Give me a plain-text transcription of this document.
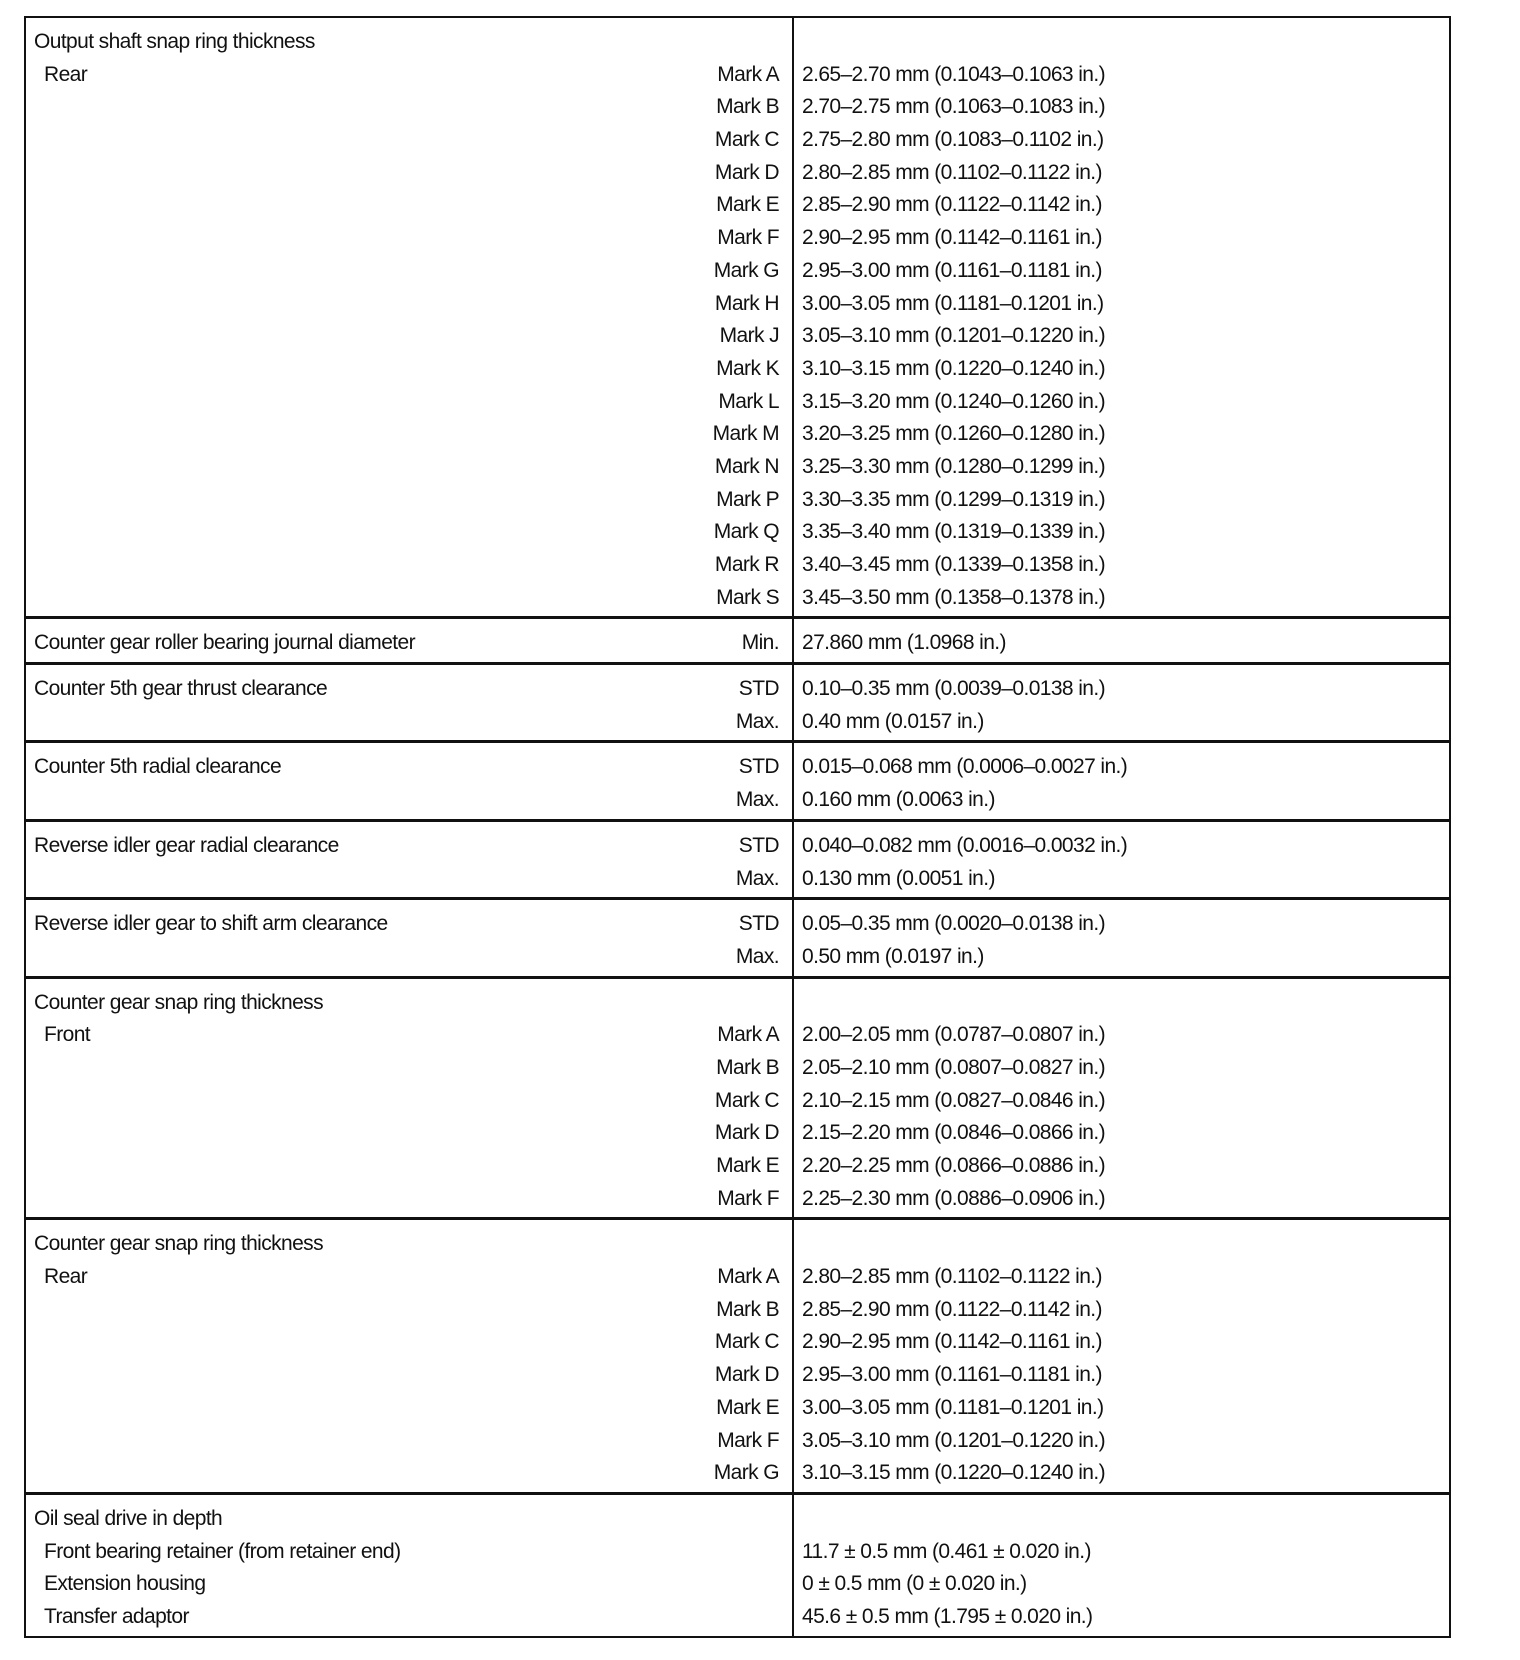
Output shaft snap ring thickness
Rear	Mark A 2.65–2.70 mm (0.1043–0.1063 in.)
Mark B 2.70–2.75 mm (0.1063–0.1083 in.)
Mark C 2.75–2.80 mm (0.1083–0.1102 in.)
Mark D 2.80–2.85 mm (0.1102–0.1122 in.)
Mark E 2.85–2.90 mm (0.1122–0.1142 in.)
Mark F 2.90–2.95 mm (0.1142–0.1161 in.)
Mark G 2.95–3.00 mm (0.1161–0.1181 in.)
Mark H 3.00–3.05 mm (0.1181–0.1201 in.)
Mark J 3.05–3.10 mm (0.1201–0.1220 in.)
Mark K 3.10–3.15 mm (0.1220–0.1240 in.)
Mark L 3.15–3.20 mm (0.1240–0.1260 in.)
Mark M 3.20–3.25 mm (0.1260–0.1280 in.)
Mark N 3.25–3.30 mm (0.1280–0.1299 in.)
Mark P 3.30–3.35 mm (0.1299–0.1319 in.)
Mark Q 3.35–3.40 mm (0.1319–0.1339 in.)
Mark R 3.40–3.45 mm (0.1339–0.1358 in.)
Mark S 3.45–3.50 mm (0.1358–0.1378 in.)
Counter gear roller bearing journal diameter	Min. 27.860 mm (1.0968 in.)
Counter 5th gear thrust clearance	STD 0.10–0.35 mm (0.0039–0.0138 in.)
Max. 0.40 mm (0.0157 in.)
Counter 5th radial clearance	STD 0.015–0.068 mm (0.0006–0.0027 in.)
Max. 0.160 mm (0.0063 in.)
Reverse idler gear radial clearance	STD 0.040–0.082 mm (0.0016–0.0032 in.)
Max. 0.130 mm (0.0051 in.)
Reverse idler gear to shift arm clearance	STD 0.05–0.35 mm (0.0020–0.0138 in.)
Max. 0.50 mm (0.0197 in.)
Counter gear snap ring thickness
Front	Mark A 2.00–2.05 mm (0.0787–0.0807 in.)
Mark B 2.05–2.10 mm (0.0807–0.0827 in.)
Mark C 2.10–2.15 mm (0.0827–0.0846 in.)
Mark D 2.15–2.20 mm (0.0846–0.0866 in.)
Mark E 2.20–2.25 mm (0.0866–0.0886 in.)
Mark F 2.25–2.30 mm (0.0886–0.0906 in.)
Counter gear snap ring thickness
Rear	Mark A 2.80–2.85 mm (0.1102–0.1122 in.)
Mark B 2.85–2.90 mm (0.1122–0.1142 in.)
Mark C 2.90–2.95 mm (0.1142–0.1161 in.)
Mark D 2.95–3.00 mm (0.1161–0.1181 in.)
Mark E 3.00–3.05 mm (0.1181–0.1201 in.)
Mark F 3.05–3.10 mm (0.1201–0.1220 in.)
Mark G 3.10–3.15 mm (0.1220–0.1240 in.)
Oil seal drive in depth
Front bearing retainer (from retainer end)	11.7 ± 0.5 mm (0.461 ± 0.020 in.)
Extension housing	0 ± 0.5 mm (0 ± 0.020 in.)
Transfer adaptor	45.6 ± 0.5 mm (1.795 ± 0.020 in.)
